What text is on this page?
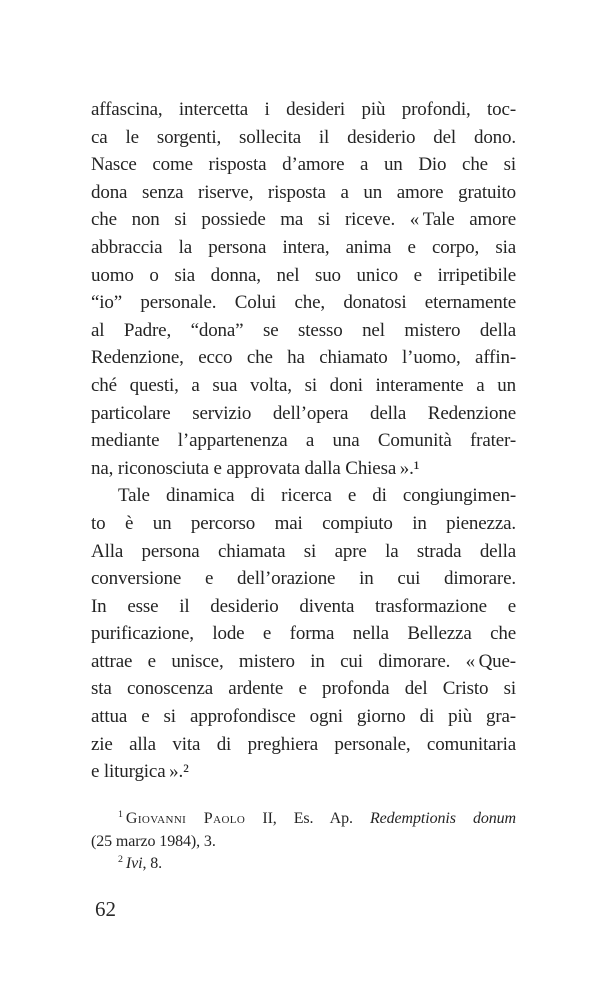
affascina, intercetta i desideri più profondi, toc-
ca le sorgenti, sollecita il desiderio del dono.
Nasce come risposta d’amore a un Dio che si
dona senza riserve, risposta a un amore gratuito
che non si possiede ma si riceve. « Tale amore
abbraccia la persona intera, anima e corpo, sia
uomo o sia donna, nel suo unico e irripetibile
“io” personale. Colui che, donatosi eternamente
al Padre, “dona” se stesso nel mistero della
Redenzione, ecco che ha chiamato l’uomo, affin-
ché questi, a sua volta, si doni interamente a un
particolare servizio dell’opera della Redenzione
mediante l’appartenenza a una Comunità frater-
na, riconosciuta e approvata dalla Chiesa ».¹
Tale dinamica di ricerca e di congiungimen-
to è un percorso mai compiuto in pienezza.
Alla persona chiamata si apre la strada della
conversione e dell’orazione in cui dimorare.
In esse il desiderio diventa trasformazione e
purificazione, lode e forma nella Bellezza che
attrae e unisce, mistero in cui dimorare. « Que-
sta conoscenza ardente e profonda del Cristo si
attua e si approfondisce ogni giorno di più gra-
zie alla vita di preghiera personale, comunitaria
e liturgica ».²
$^1$ Giovanni Paolo II, Es. Ap. Redemptionis donum
(25 marzo 1984), 3.
$^2$ Ivi, 8.
62
